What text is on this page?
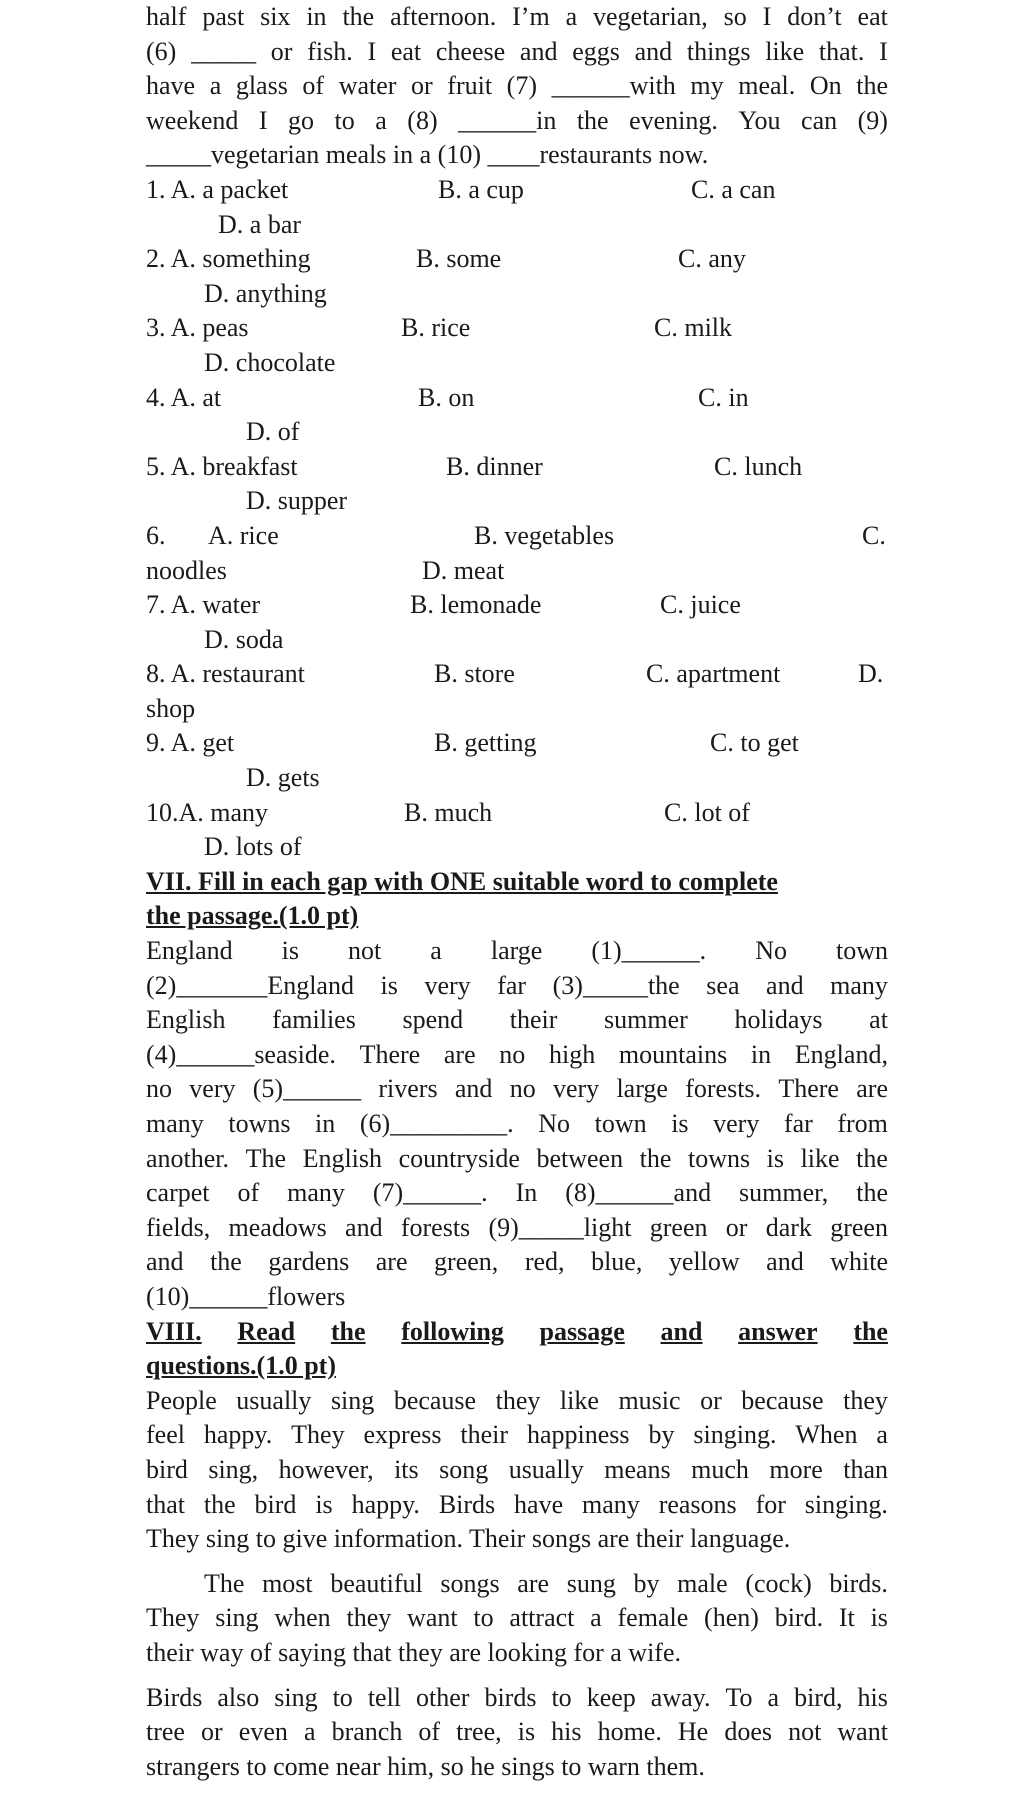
half past six in the afternoon. I’m a vegetarian, so I don’t eat
(6) _____ or fish. I eat cheese and eggs and things like that. I
have a glass of water or fruit (7) ______with my meal. On the
weekend I go to a (8) ______in the evening. You can (9)
_____vegetarian meals in a (10) ____restaurants now.
1. A. a packet	B. a cup	C. a can
D. a bar
2. A. something	B. some	C. any
D. anything
3. A. peas	B. rice	C. milk
D. chocolate
4. A. at	B. on	C. in
D. of
5. A. breakfast	B. dinner	C. lunch
D. supper
6. A. rice	B. vegetables	C.
noodles	D. meat
7. A. water	B. lemonade	C. juice
D. soda
8. A. restaurant	B. store	C. apartment	D.
shop
9. A. get	B. getting	C. to get
D. gets
10.A. many	B. much	C. lot of
D. lots of
VII. Fill in each gap with ONE suitable word to complete
the passage.(1.0 pt)
England is not a large (1)______. No town
(2)_______England is very far (3)_____the sea and many
English families spend their summer holidays at
(4)______seaside. There are no high mountains in England,
no very (5)______ rivers and no very large forests. There are
many towns in (6)_________. No town is very far from
another. The English countryside between the towns is like the
carpet of many (7)______. In (8)______and summer, the
fields, meadows and forests (9)_____light green or dark green
and the gardens are green, red, blue, yellow and white
(10)______flowers
VIII. Read the following passage and answer the
questions.(1.0 pt)
People usually sing because they like music or because they
feel happy. They express their happiness by singing. When a
bird sing, however, its song usually means much more than
that the bird is happy. Birds have many reasons for singing.
They sing to give information. Their songs are their language.
The most beautiful songs are sung by male (cock) birds.
They sing when they want to attract a female (hen) bird. It is
their way of saying that they are looking for a wife.
Birds also sing to tell other birds to keep away. To a bird, his
tree or even a branch of tree, is his home. He does not want
strangers to come near him, so he sings to warn them.
